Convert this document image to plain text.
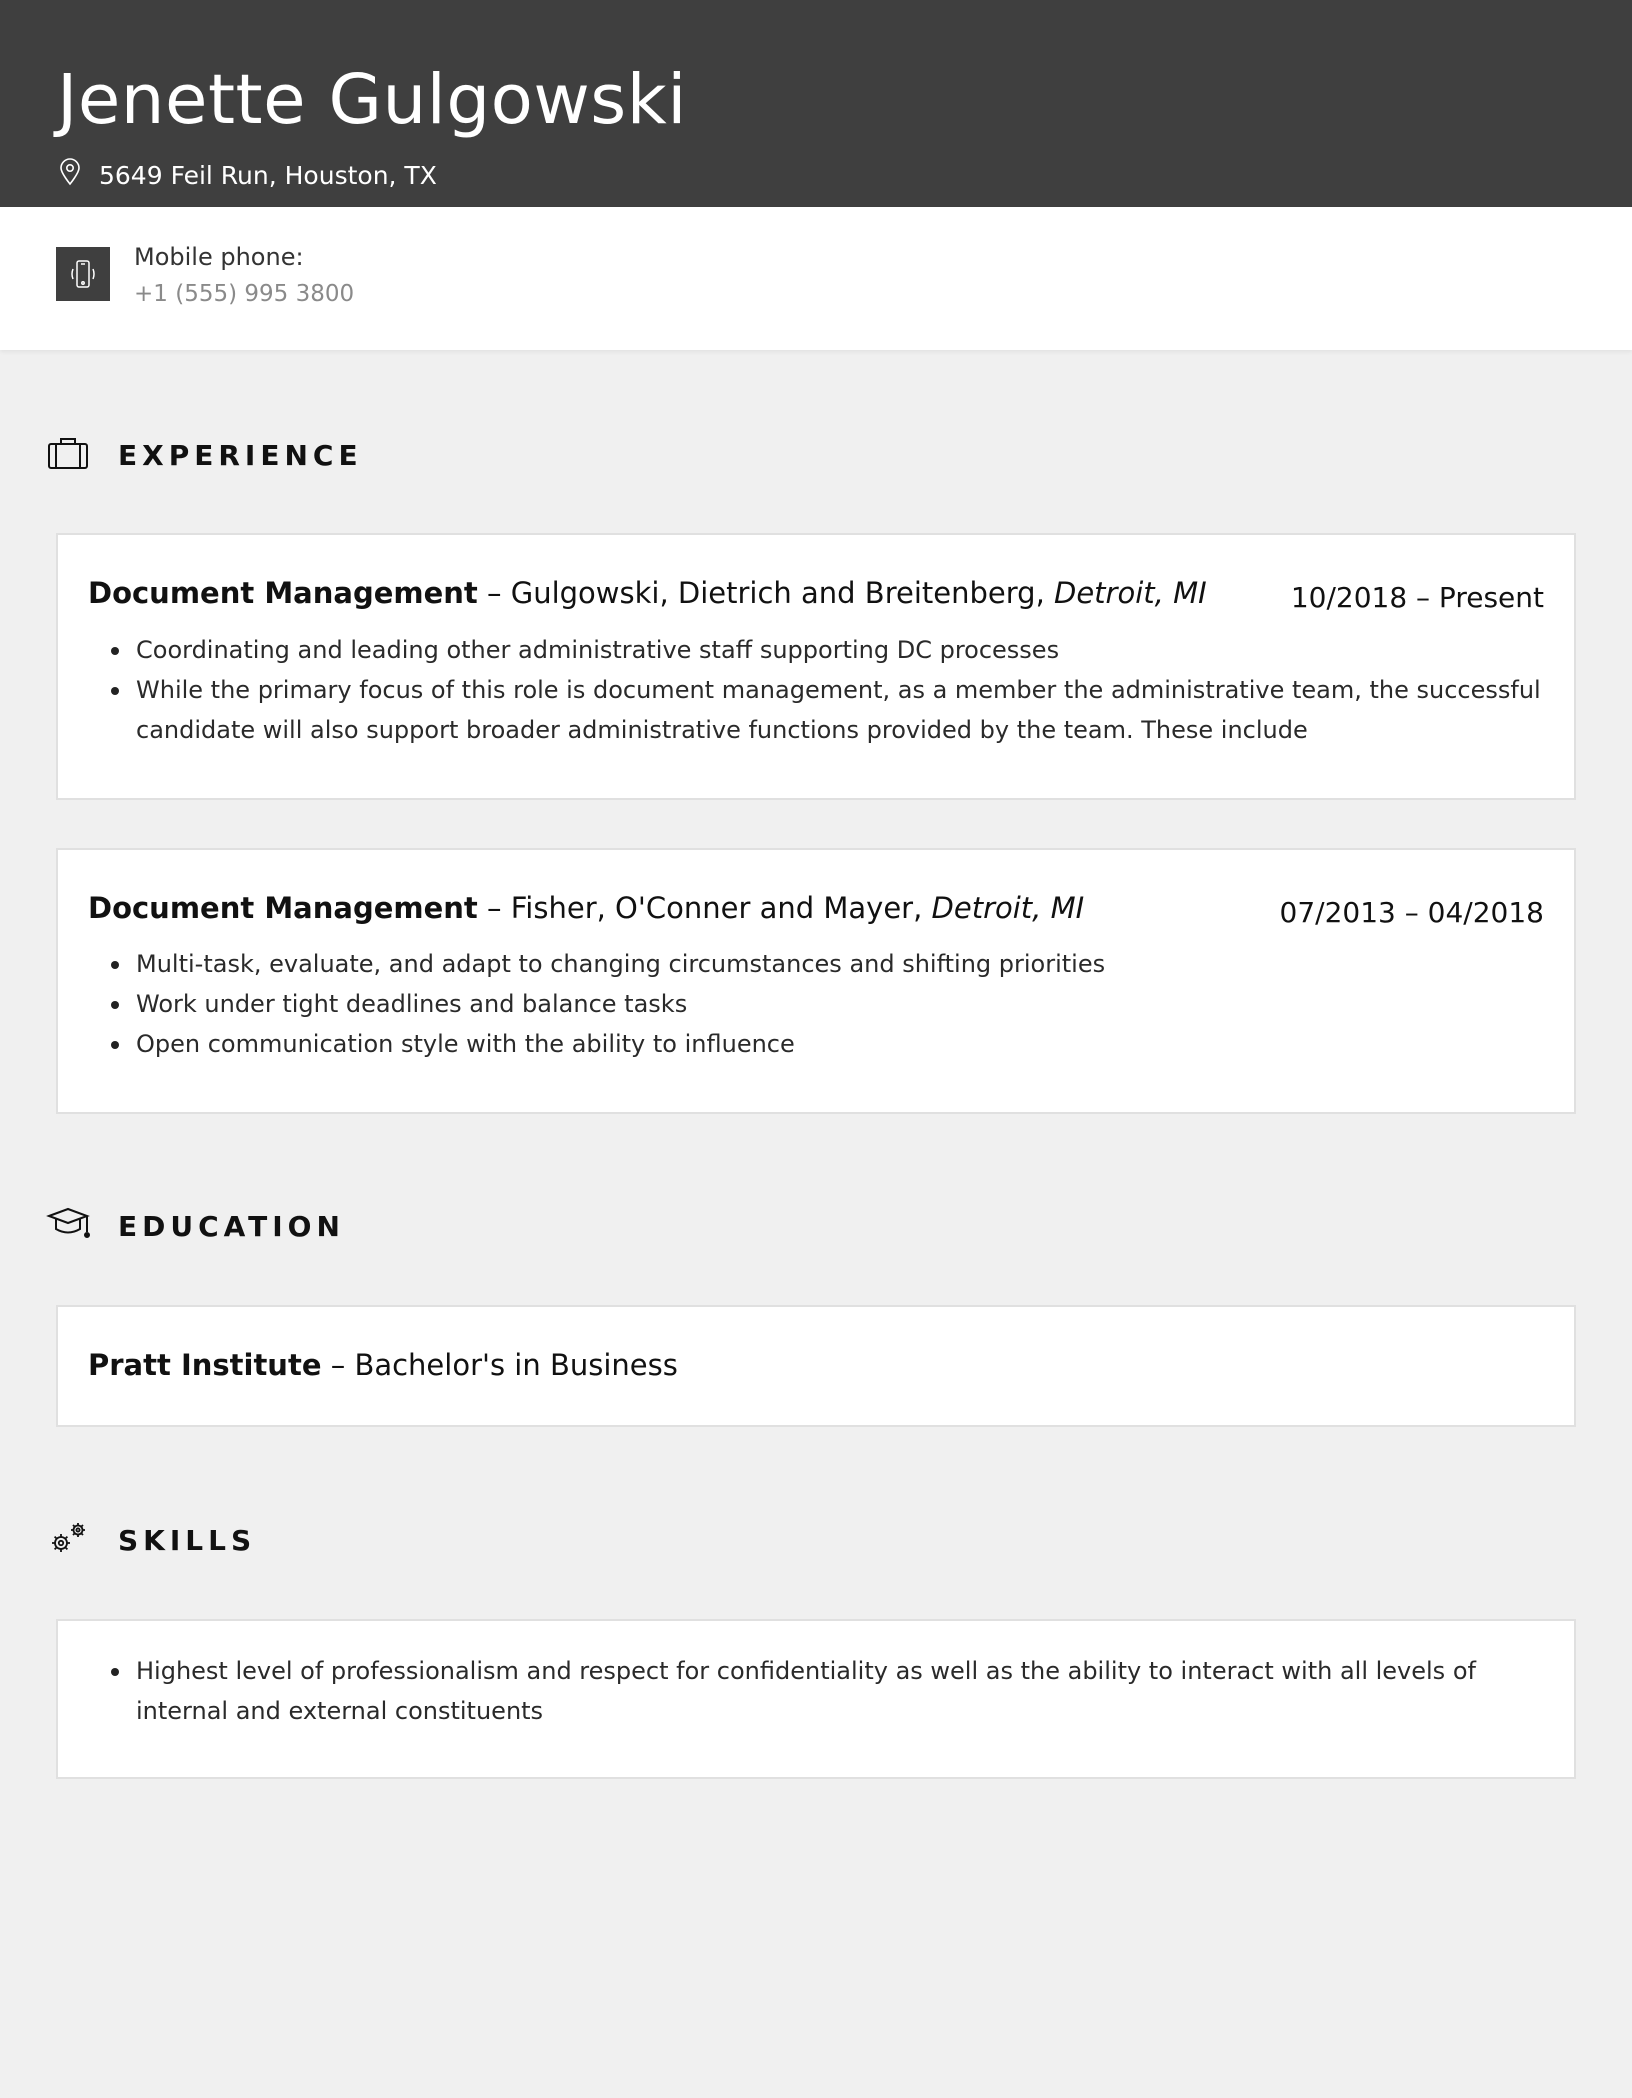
Jenette Gulgowski
5649 Feil Run, Houston, TX
Mobile phone:
+1 (555) 995 3800
EXPERIENCE
Document Management – Gulgowski, Dietrich and Breitenberg, Detroit, MI	10/2018 – Present
Coordinating and leading other administrative staff supporting DC processes
While the primary focus of this role is document management, as a member the administrative team, the successful candidate will also support broader administrative functions provided by the team. These include
Document Management – Fisher, O'Conner and Mayer, Detroit, MI	07/2013 – 04/2018
Multi-task, evaluate, and adapt to changing circumstances and shifting priorities
Work under tight deadlines and balance tasks
Open communication style with the ability to influence
EDUCATION
Pratt Institute – Bachelor's in Business
SKILLS
Highest level of professionalism and respect for confidentiality as well as the ability to interact with all levels of internal and external constituents
